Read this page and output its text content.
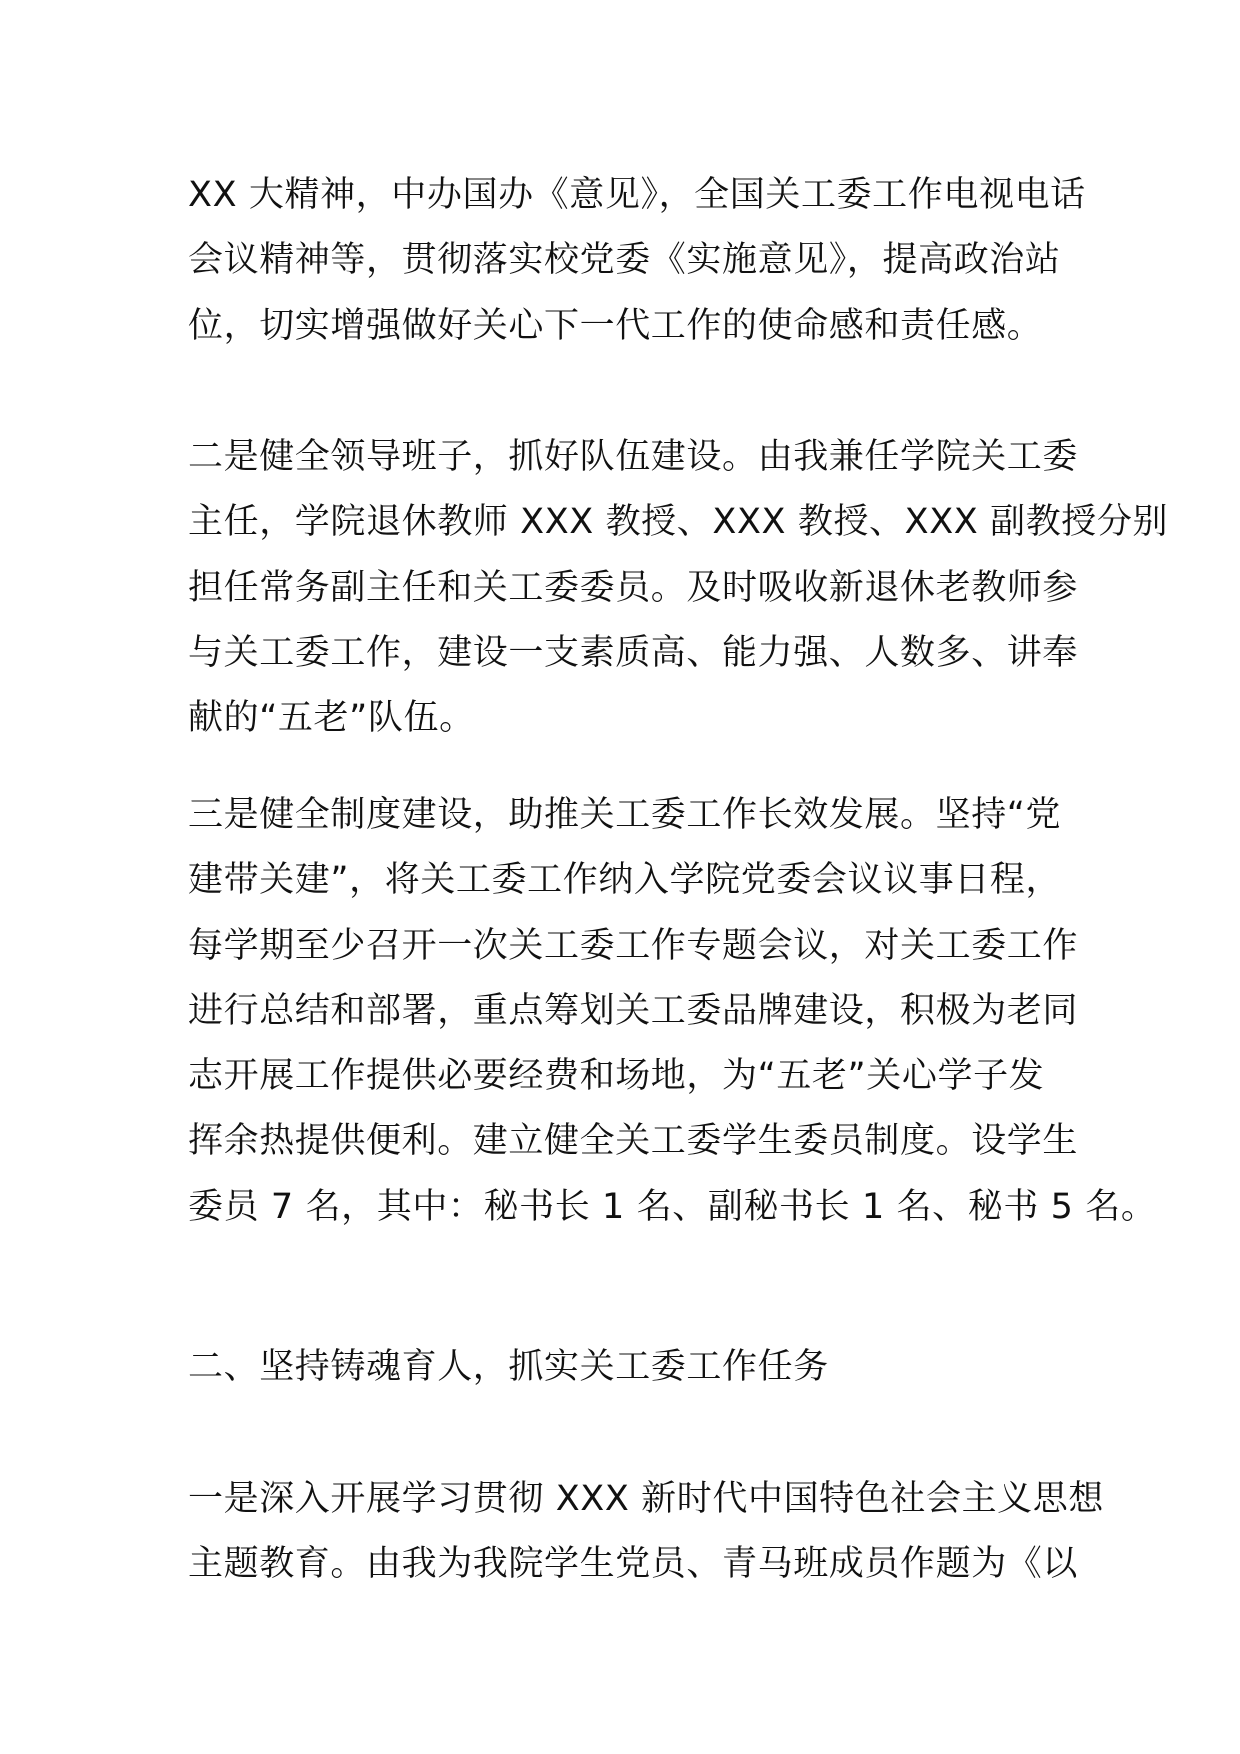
XX 大精神，中办国办《意见》，全国关工委工作电视电话
会议精神等，贯彻落实校党委《实施意见》，提高政治站
位，切实增强做好关心下一代工作的使命感和责任感。
二是健全领导班子，抓好队伍建设。由我兼任学院关工委
主任，学院退休教师 XXX 教授、XXX 教授、XXX 副教授分别
担任常务副主任和关工委委员。及时吸收新退休老教师参
与关工委工作，建设一支素质高、能力强、人数多、讲奉
献的“五老”队伍。
三是健全制度建设，助推关工委工作长效发展。坚持“党
建带关建”，将关工委工作纳入学院党委会议议事日程，
每学期至少召开一次关工委工作专题会议，对关工委工作
进行总结和部署，重点筹划关工委品牌建设，积极为老同
志开展工作提供必要经费和场地，为“五老”关心学子发
挥余热提供便利。建立健全关工委学生委员制度。设学生
委员 7 名，其中：秘书长 1 名、副秘书长 1 名、秘书 5 名。
二、坚持铸魂育人，抓实关工委工作任务
一是深入开展学习贯彻 XXX 新时代中国特色社会主义思想
主题教育。由我为我院学生党员、青马班成员作题为《以
